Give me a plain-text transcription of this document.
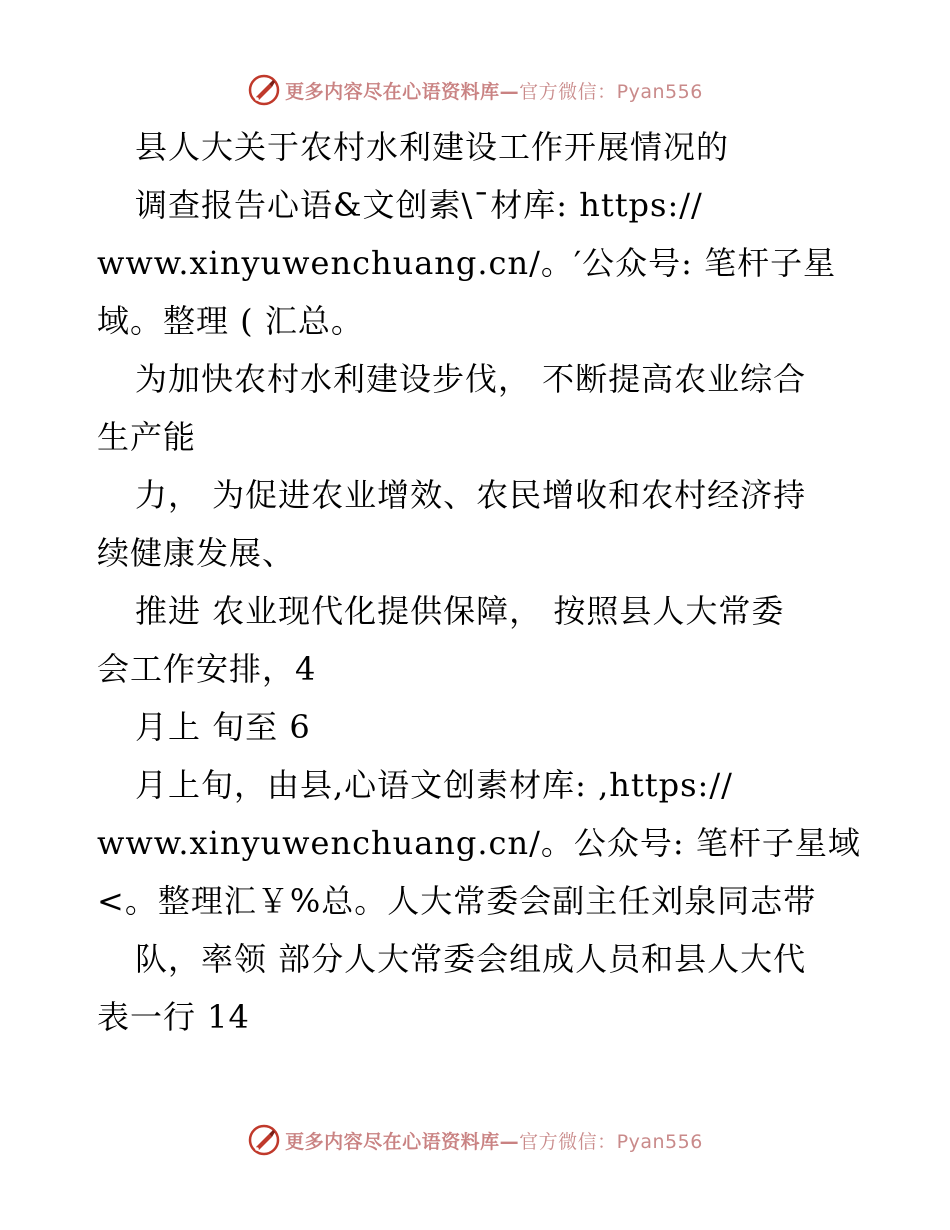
更多内容尽在心语资料库—官方微信：Pyan556
县人大关于农村水利建设工作开展情况的
调查报告心语&文创素\¯材库: https://
www.xinyuwenchuang.cn/。′公众号: 笔杆子星
域。整理 ( 汇总。
为加快农村水利建设步伐， 不断提高农业综合
生产能
力， 为促进农业增效、农民增收和农村经济持
续健康发展、
推进 农业现代化提供保障， 按照县人大常委
会工作安排，4
月上 旬至 6
月上旬，由县,心语文创素材库: ,https://
www.xinyuwenchuang.cn/。公众号: 笔杆子星域
<。整理汇￥%总。人大常委会副主任刘泉同志带
队，率领 部分人大常委会组成人员和县人大代
表一行 14
更多内容尽在心语资料库—官方微信：Pyan556
